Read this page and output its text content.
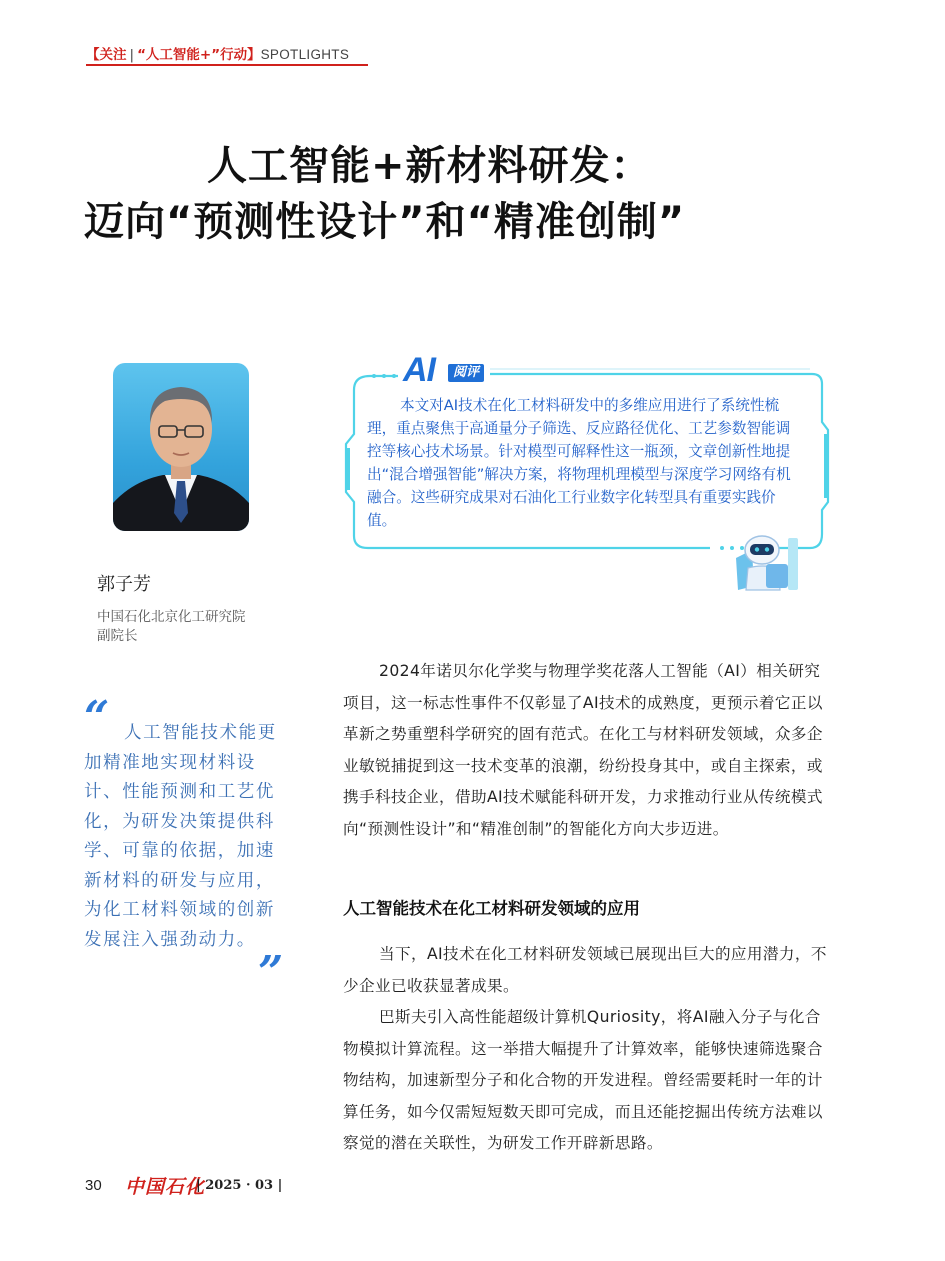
【关注 | “人工智能+”行动】SPOTLIGHTS
人工智能+新材料研发：
迈向“预测性设计”和“精准创制”
郭子芳
中国石化北京化工研究院
副院长
“ 人工智能技术能更加精准地实现材料设计、性能预测和工艺优化，为研发决策提供科学、可靠的依据，加速新材料的研发与应用，为化工材料领域的创新发展注入强劲动力。
”
AI	阅评
本文对AI技术在化工材料研发中的多维应用进行了系统性梳理，重点聚焦于高通量分子筛选、反应路径优化、工艺参数智能调控等核心技术场景。针对模型可解释性这一瓶颈，文章创新性地提出“混合增强智能”解决方案，将物理机理模型与深度学习网络有机融合。这些研究成果对石油化工行业数字化转型具有重要实践价值。
2024年诺贝尔化学奖与物理学奖花落人工智能（AI）相关研究项目，这一标志性事件不仅彰显了AI技术的成熟度，更预示着它正以革新之势重塑科学研究的固有范式。在化工与材料研发领域，众多企业敏锐捕捉到这一技术变革的浪潮，纷纷投身其中，或自主探索，或携手科技企业，借助AI技术赋能科研开发，力求推动行业从传统模式向“预测性设计”和“精准创制”的智能化方向大步迈进。
人工智能技术在化工材料研发领域的应用
当下，AI技术在化工材料研发领域已展现出巨大的应用潜力，不少企业已收获显著成果。
巴斯夫引入高性能超级计算机Quriosity，将AI融入分子与化合物模拟计算流程。这一举措大幅提升了计算效率，能够快速筛选聚合物结构，加速新型分子和化合物的开发进程。曾经需要耗时一年的计算任务，如今仅需短短数天即可完成，而且还能挖掘出传统方法难以察觉的潜在关联性，为研发工作开辟新思路。
30 中国石化
| 2025 · 03 |
